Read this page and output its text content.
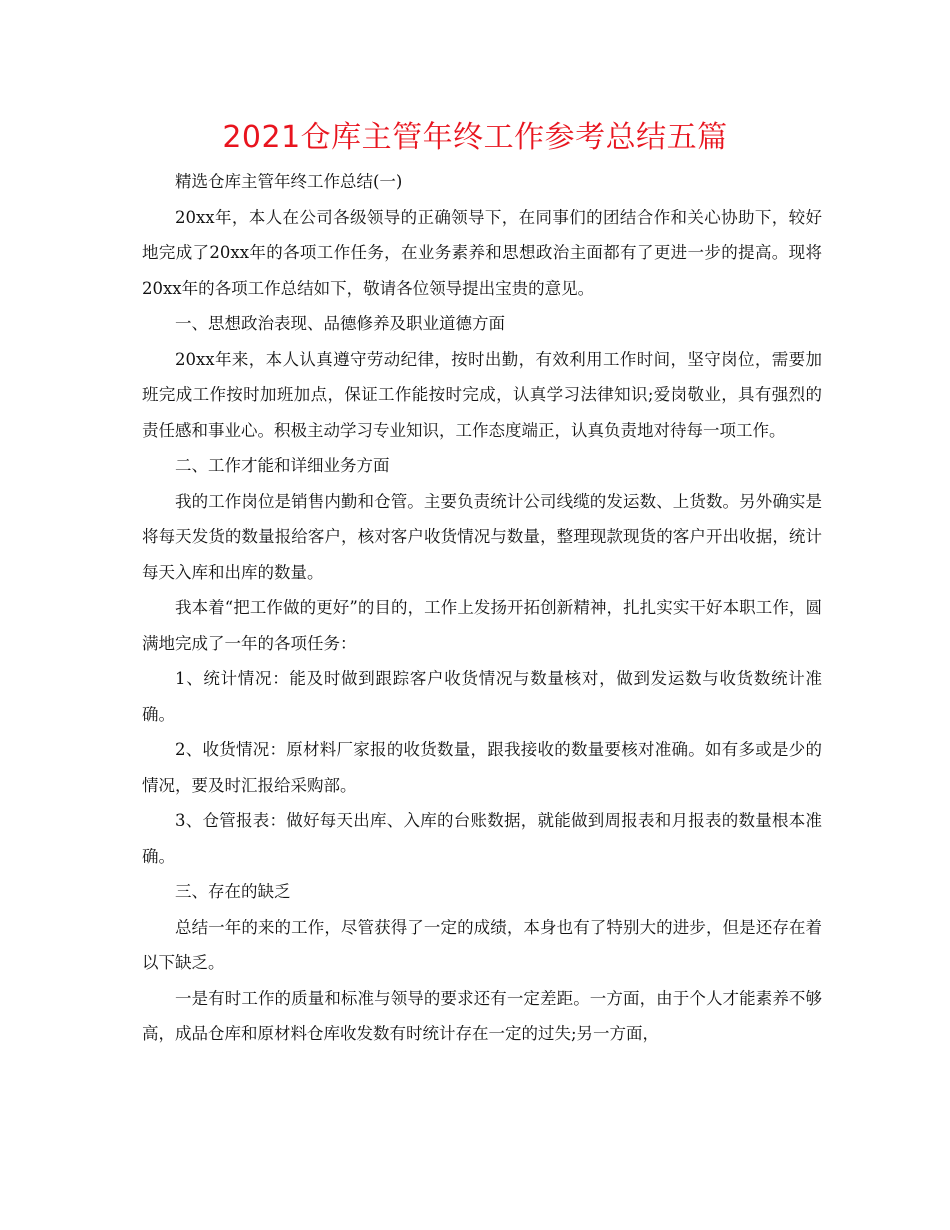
2021仓库主管年终工作参考总结五篇

精选仓库主管年终工作总结(一)

20xx年，本人在公司各级领导的正确领导下，在同事们的团结合作和关心协助下，较好地完成了20xx年的各项工作任务，在业务素养和思想政治主面都有了更进一步的提高。现将20xx年的各项工作总结如下，敬请各位领导提出宝贵的意见。

一、思想政治表现、品德修养及职业道德方面

20xx年来，本人认真遵守劳动纪律，按时出勤，有效利用工作时间，坚守岗位，需要加班完成工作按时加班加点，保证工作能按时完成，认真学习法律知识;爱岗敬业，具有强烈的责任感和事业心。积极主动学习专业知识，工作态度端正，认真负责地对待每一项工作。

二、工作才能和详细业务方面

我的工作岗位是销售内勤和仓管。主要负责统计公司线缆的发运数、上货数。另外确实是将每天发货的数量报给客户，核对客户收货情况与数量，整理现款现货的客户开出收据，统计每天入库和出库的数量。

我本着“把工作做的更好”的目的，工作上发扬开拓创新精神，扎扎实实干好本职工作，圆满地完成了一年的各项任务：

1、统计情况：能及时做到跟踪客户收货情况与数量核对，做到发运数与收货数统计准确。

2、收货情况：原材料厂家报的收货数量，跟我接收的数量要核对准确。如有多或是少的情况，要及时汇报给采购部。

3、仓管报表：做好每天出库、入库的台账数据，就能做到周报表和月报表的数量根本准确。

三、存在的缺乏

总结一年的来的工作，尽管获得了一定的成绩，本身也有了特别大的进步，但是还存在着以下缺乏。

一是有时工作的质量和标准与领导的要求还有一定差距。一方面，由于个人才能素养不够高，成品仓库和原材料仓库收发数有时统计存在一定的过失;另一方面，
